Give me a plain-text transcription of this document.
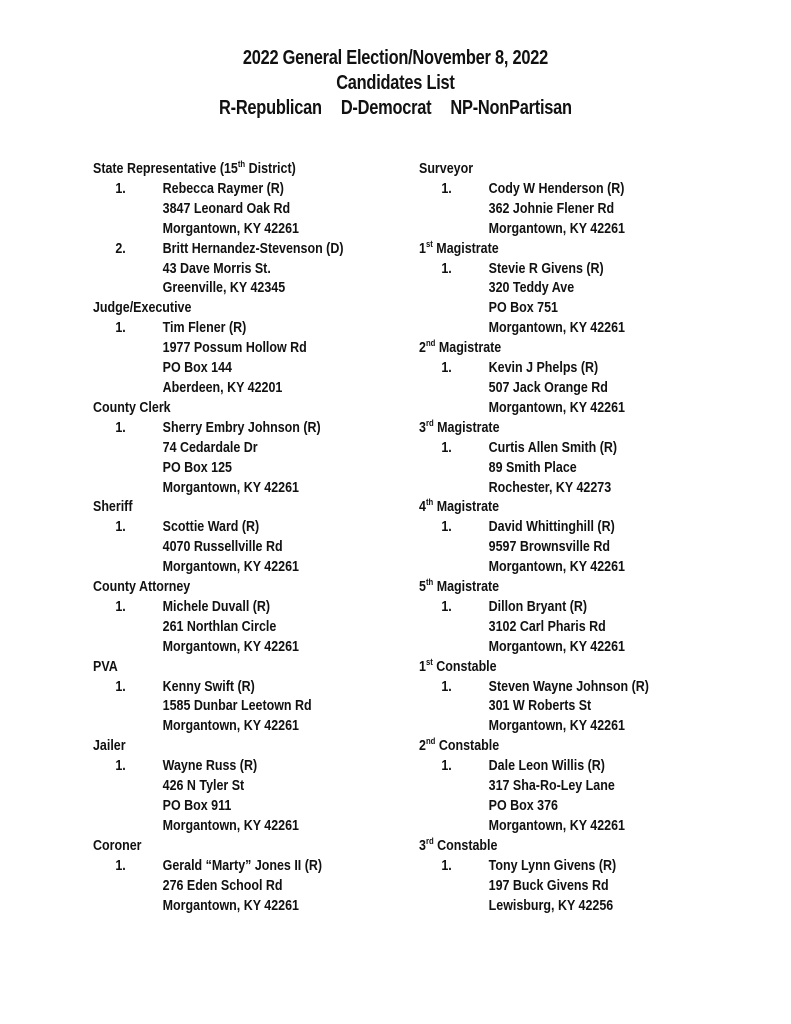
2022 General Election/November 8, 2022
Candidates List
R-Republican D-Democrat NP-NonPartisan
State Representative (15th District)
1.	Rebecca Raymer (R)
3847 Leonard Oak Rd
Morgantown, KY 42261
2.	Britt Hernandez-Stevenson (D)
43 Dave Morris St.
Greenville, KY 42345
Judge/Executive
1.	Tim Flener (R)
1977 Possum Hollow Rd
PO Box 144
Aberdeen, KY 42201
County Clerk
1.	Sherry Embry Johnson (R)
74 Cedardale Dr
PO Box 125
Morgantown, KY 42261
Sheriff
1.	Scottie Ward (R)
4070 Russellville Rd
Morgantown, KY 42261
County Attorney
1.	Michele Duvall (R)
261 Northlan Circle
Morgantown, KY 42261
PVA
1.	Kenny Swift (R)
1585 Dunbar Leetown Rd
Morgantown, KY 42261
Jailer
1.	Wayne Russ (R)
426 N Tyler St
PO Box 911
Morgantown, KY 42261
Coroner
1.	Gerald “Marty” Jones II (R)
276 Eden School Rd
Morgantown, KY 42261
Surveyor
1.	Cody W Henderson (R)
362 Johnie Flener Rd
Morgantown, KY 42261
1st Magistrate
1.	Stevie R Givens (R)
320 Teddy Ave
PO Box 751
Morgantown, KY 42261
2nd Magistrate
1.	Kevin J Phelps (R)
507 Jack Orange Rd
Morgantown, KY 42261
3rd Magistrate
1.	Curtis Allen Smith (R)
89 Smith Place
Rochester, KY 42273
4th Magistrate
1.	David Whittinghill (R)
9597 Brownsville Rd
Morgantown, KY 42261
5th Magistrate
1.	Dillon Bryant (R)
3102 Carl Pharis Rd
Morgantown, KY 42261
1st Constable
1.	Steven Wayne Johnson (R)
301 W Roberts St
Morgantown, KY 42261
2nd Constable
1.	Dale Leon Willis (R)
317 Sha-Ro-Ley Lane
PO Box 376
Morgantown, KY 42261
3rd Constable
1.	Tony Lynn Givens (R)
197 Buck Givens Rd
Lewisburg, KY 42256
